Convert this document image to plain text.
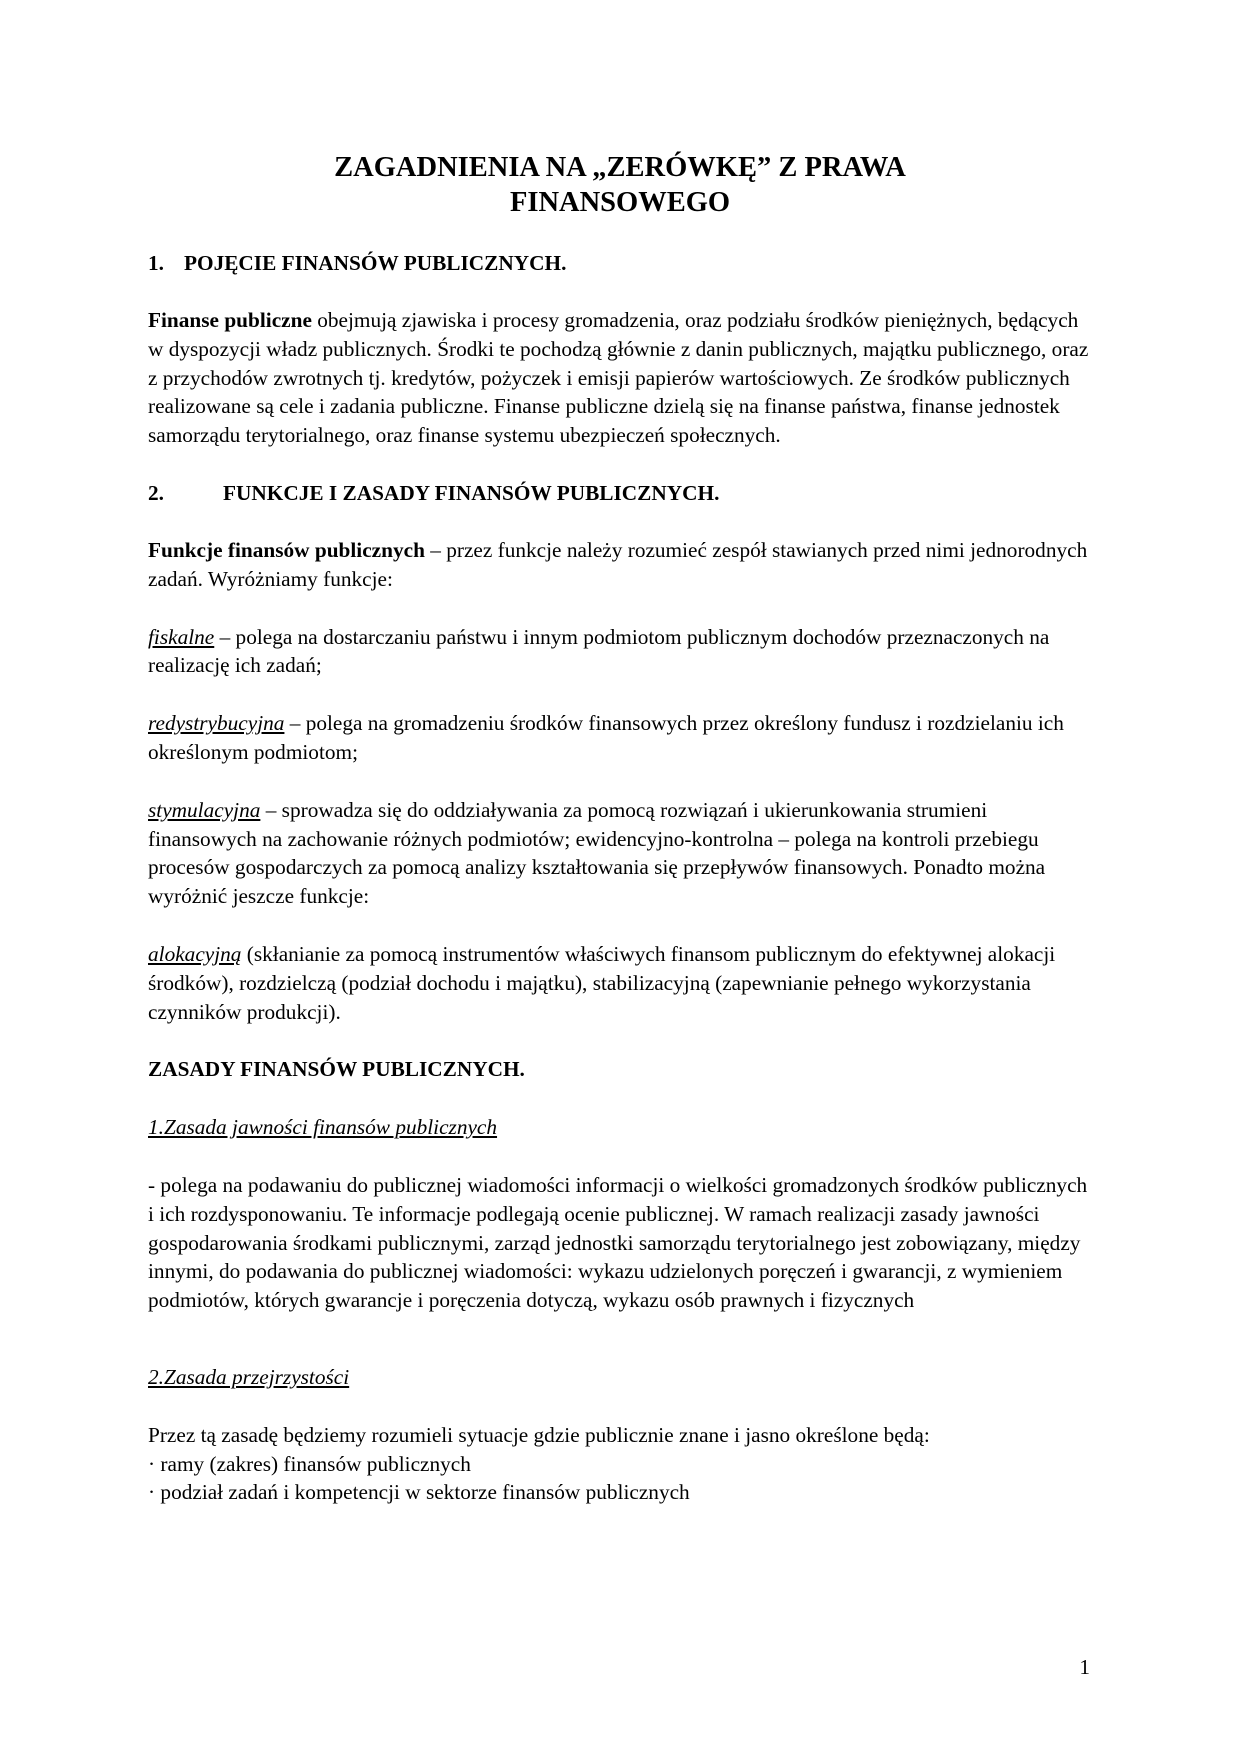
ZAGADNIENIA NA „ZERÓWKĘ” Z PRAWA
FINANSOWEGO
1. POJĘCIE FINANSÓW PUBLICZNYCH.

Finanse publiczne obejmują zjawiska i procesy gromadzenia, oraz podziału środków pieniężnych, będących w dyspozycji władz publicznych. Środki te pochodzą głównie z danin publicznych, majątku publicznego, oraz z przychodów zwrotnych tj. kredytów, pożyczek i emisji papierów wartościowych. Ze środków publicznych realizowane są cele i zadania publiczne. Finanse publiczne dzielą się na finanse państwa, finanse jednostek samorządu terytorialnego, oraz finanse systemu ubezpieczeń społecznych.

2.	FUNKCJE I ZASADY FINANSÓW PUBLICZNYCH.

Funkcje finansów publicznych – przez funkcje należy rozumieć zespół stawianych przed nimi jednorodnych zadań. Wyróżniamy funkcje:

fiskalne – polega na dostarczaniu państwu i innym podmiotom publicznym dochodów przeznaczonych na realizację ich zadań;

redystrybucyjna – polega na gromadzeniu środków finansowych przez określony fundusz i rozdzielaniu ich określonym podmiotom;

stymulacyjna – sprowadza się do oddziaływania za pomocą rozwiązań i ukierunkowania strumieni finansowych na zachowanie różnych podmiotów; ewidencyjno-kontrolna – polega na kontroli przebiegu procesów gospodarczych za pomocą analizy kształtowania się przepływów finansowych. Ponadto można wyróżnić jeszcze funkcje:

alokacyjną (skłanianie za pomocą instrumentów właściwych finansom publicznym do efektywnej alokacji środków), rozdzielczą (podział dochodu i majątku), stabilizacyjną (zapewnianie pełnego wykorzystania czynników produkcji).

ZASADY FINANSÓW PUBLICZNYCH.
1.Zasada jawności finansów publicznych

- polega na podawaniu do publicznej wiadomości informacji o wielkości gromadzonych środków publicznych i ich rozdysponowaniu. Te informacje podlegają ocenie publicznej. W ramach realizacji zasady jawności gospodarowania środkami publicznymi, zarząd jednostki samorządu terytorialnego jest zobowiązany, między innymi, do podawania do publicznej wiadomości: wykazu udzielonych poręczeń i gwarancji, z wymieniem podmiotów, których gwarancje i poręczenia dotyczą, wykazu osób prawnych i fizycznych

2.Zasada przejrzystości
Przez tą zasadę będziemy rozumieli sytuacje gdzie publicznie znane i jasno określone będą:
· ramy (zakres) finansów publicznych
· podział zadań i kompetencji w sektorze finansów publicznych
1
